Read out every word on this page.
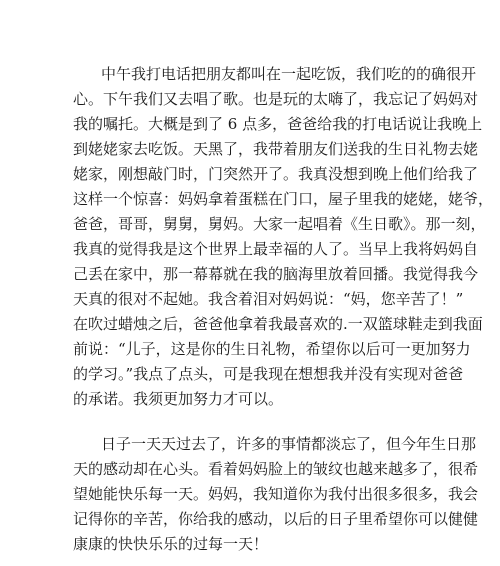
中午我打电话把朋友都叫在一起吃饭，我们吃的的确很开
心。下午我们又去唱了歌。也是玩的太嗨了，我忘记了妈妈对
我的嘱托。大概是到了 6 点多，爸爸给我的打电话说让我晚上
到姥姥家去吃饭。天黑了，我带着朋友们送我的生日礼物去姥
姥家，刚想敲门时，门突然开了。我真没想到晚上他们给我了
这样一个惊喜：妈妈拿着蛋糕在门口，屋子里我的姥姥，姥爷，
爸爸，哥哥，舅舅，舅妈。大家一起唱着《生日歌》。那一刻，
我真的觉得我是这个世界上最幸福的人了。当早上我将妈妈自
己丢在家中，那一幕幕就在我的脑海里放着回播。我觉得我今
天真的很对不起她。我含着泪对妈妈说：“妈，您辛苦了！”
在吹过蜡烛之后，爸爸他拿着我最喜欢的.一双篮球鞋走到我面
前说：“儿子，这是你的生日礼物，希望你以后可一更加努力
的学习。”我点了点头，可是我现在想想我并没有实现对爸爸
的承诺。我须更加努力才可以。
日子一天天过去了，许多的事情都淡忘了，但今年生日那
天的感动却在心头。看着妈妈脸上的皱纹也越来越多了，很希
望她能快乐每一天。妈妈，我知道你为我付出很多很多，我会
记得你的辛苦，你给我的感动，以后的日子里希望你可以健健
康康的快快乐乐的过每一天！
